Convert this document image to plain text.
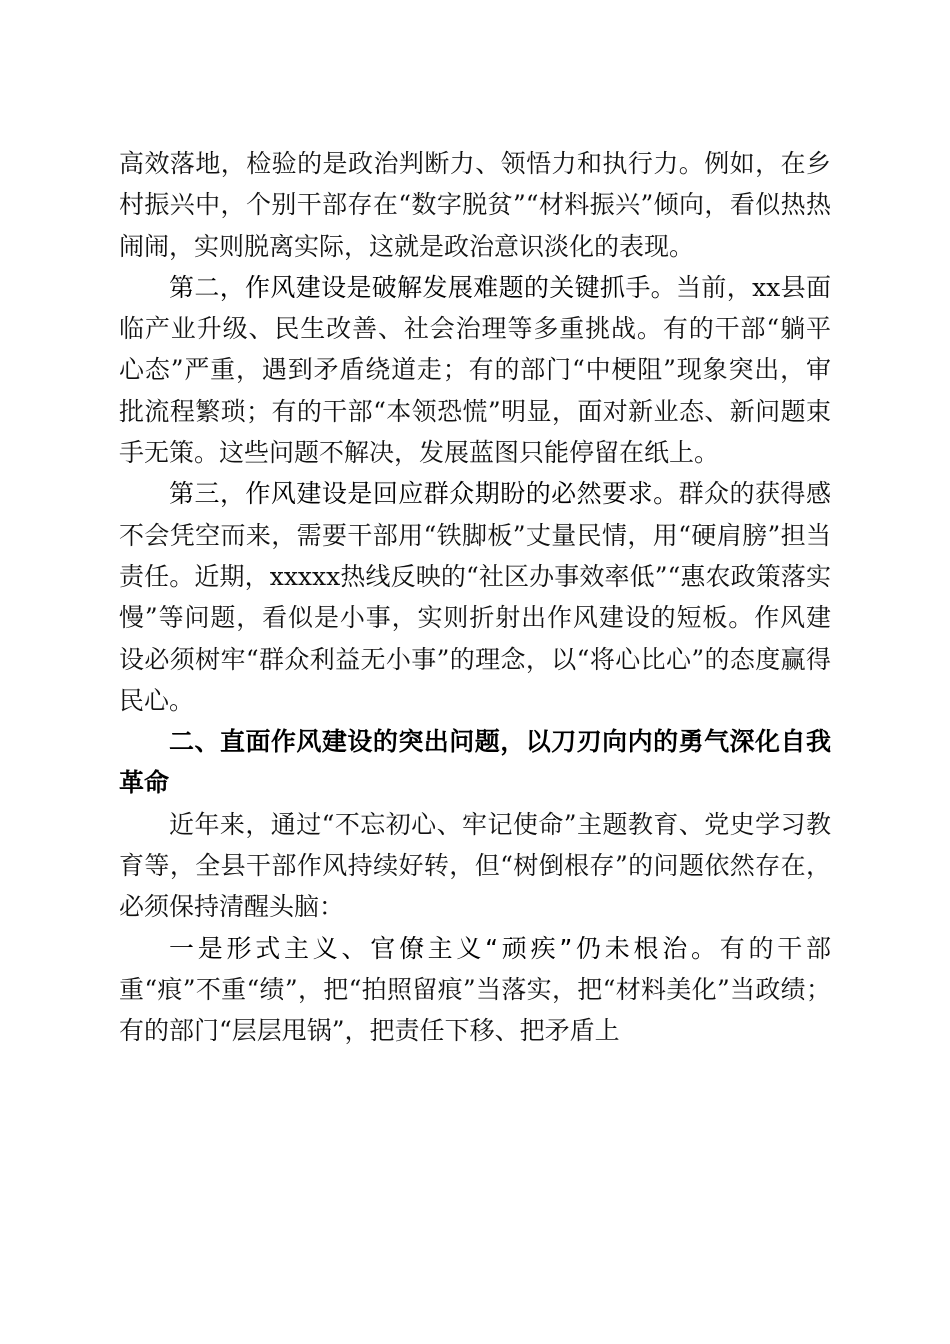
高效落地，检验的是政治判断力、领悟力和执行力。例如，在乡村振兴中，个别干部存在“数字脱贫”“材料振兴”倾向，看似热热闹闹，实则脱离实际，这就是政治意识淡化的表现。

第二，作风建设是破解发展难题的关键抓手。当前，xx县面临产业升级、民生改善、社会治理等多重挑战。有的干部“躺平心态”严重，遇到矛盾绕道走；有的部门“中梗阻”现象突出，审批流程繁琐；有的干部“本领恐慌”明显，面对新业态、新问题束手无策。这些问题不解决，发展蓝图只能停留在纸上。

第三，作风建设是回应群众期盼的必然要求。群众的获得感不会凭空而来，需要干部用“铁脚板”丈量民情，用“硬肩膀”担当责任。近期，xxxxx热线反映的“社区办事效率低”“惠农政策落实慢”等问题，看似是小事，实则折射出作风建设的短板。作风建设必须树牢“群众利益无小事”的理念，以“将心比心”的态度赢得民心。

二、直面作风建设的突出问题，以刀刃向内的勇气深化自我革命

近年来，通过“不忘初心、牢记使命”主题教育、党史学习教育等，全县干部作风持续好转，但“树倒根存”的问题依然存在，必须保持清醒头脑：

一是形式主义、官僚主义“顽疾”仍未根治。有的干部重“痕”不重“绩”，把“拍照留痕”当落实，把“材料美化”当政绩；有的部门“层层甩锅”，把责任下移、把矛盾上
